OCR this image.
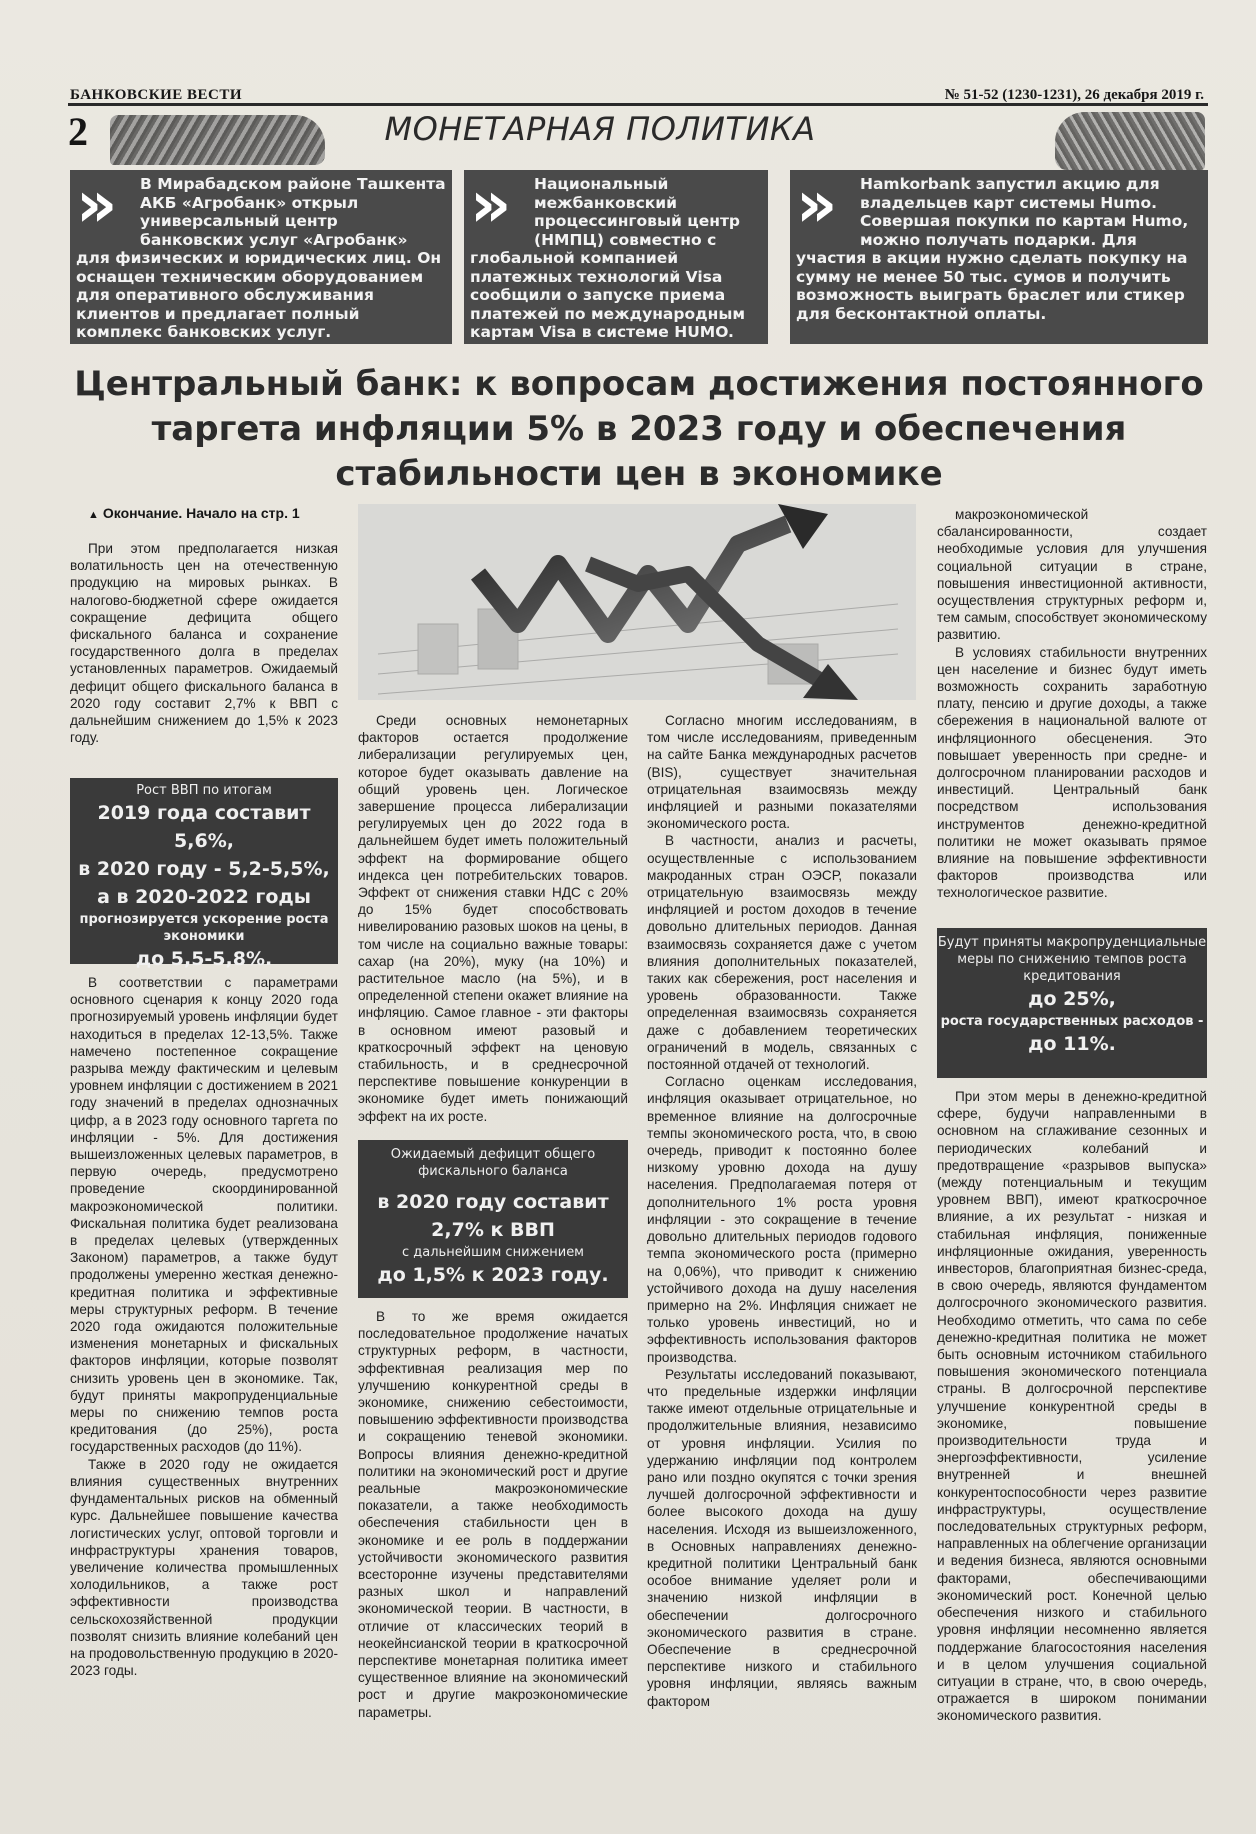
БАНКОВСКИЕ ВЕСТИ	№ 51-52 (1230-1231), 26 декабря 2019 г.
2	МОНЕТАРНАЯ ПОЛИТИКА
»	В Мирабадском районе Ташкента АКБ «Агробанк» открыл универсальный центр банковских услуг «Агробанк» для физических и юридических лиц. Он оснащен техническим оборудованием для оперативного обслуживания клиентов и предлагает полный комплекс банковских услуг.
»	Национальный межбанковский процессинговый центр (НМПЦ) совместно с глобальной компанией платежных технологий Visa сообщили о запуске приема платежей по международным картам Visa в системе HUMO.
»	Hamkorbank запустил акцию для владельцев карт системы Humo. Совершая покупки по картам Humo, можно получать подарки. Для участия в акции нужно сделать покупку на сумму не менее 50 тыс. сумов и получить возможность выиграть браслет или стикер для бесконтактной оплаты.
Центральный банк: к вопросам достижения постоянного таргета инфляции 5% в 2023 году и обеспечения стабильности цен в экономике
▲ Окончание. Начало на стр. 1

При этом предполагается низкая волатильность цен на отечественную продукцию на мировых рынках. В налогово-бюджетной сфере ожидается сокращение дефицита общего фискального баланса и сохранение государственного долга в пределах установленных параметров. Ожидаемый дефицит общего фискального баланса в 2020 году составит 2,7% к ВВП с дальнейшим снижением до 1,5% к 2023 году.

Рост ВВП по итогам
2019 года составит 5,6%,
в 2020 году - 5,2-5,5%,
а в 2020-2022 годы
прогнозируется ускорение роста экономики
до 5,5-5,8%.

В соответствии с параметрами основного сценария к концу 2020 года прогнозируемый уровень инфляции будет находиться в пределах 12-13,5%. Также намечено постепенное сокращение разрыва между фактическим и целевым уровнем инфляции с достижением в 2021 году значений в пределах однозначных цифр, а в 2023 году основного таргета по инфляции - 5%. Для достижения вышеизложенных целевых параметров, в первую очередь, предусмотрено проведение скоординированной макроэкономической политики. Фискальная политика будет реализована в пределах целевых (утвержденных Законом) параметров, а также будут продолжены умеренно жесткая денежно-кредитная политика и эффективные меры структурных реформ. В течение 2020 года ожидаются положительные изменения монетарных и фискальных факторов инфляции, которые позволят снизить уровень цен в экономике. Так, будут приняты макропруденциальные меры по снижению темпов роста кредитования (до 25%), роста государственных расходов (до 11%).

Также в 2020 году не ожидается влияния существенных внутренних фундаментальных рисков на обменный курс. Дальнейшее повышение качества логистических услуг, оптовой торговли и инфраструктуры хранения товаров, увеличение количества промышленных холодильников, а также рост эффективности производства сельскохозяйственной продукции позволят снизить влияние колебаний цен на продовольственную продукцию в 2020-2023 годы.

Среди основных немонетарных факторов остается продолжение либерализации регулируемых цен, которое будет оказывать давление на общий уровень цен. Логическое завершение процесса либерализации регулируемых цен до 2022 года в дальнейшем будет иметь положительный эффект на формирование общего индекса цен потребительских товаров. Эффект от снижения ставки НДС с 20% до 15% будет способствовать нивелированию разовых шоков на цены, в том числе на социально важные товары: сахар (на 20%), муку (на 10%) и растительное масло (на 5%), и в определенной степени окажет влияние на инфляцию. Самое главное - эти факторы в основном имеют разовый и краткосрочный эффект на ценовую стабильность, и в среднесрочной перспективе повышение конкуренции в экономике будет иметь понижающий эффект на их росте.

Ожидаемый дефицит общего фискального баланса
в 2020 году составит
2,7% к ВВП
с дальнейшим снижением
до 1,5% к 2023 году.

В то же время ожидается последовательное продолжение начатых структурных реформ, в частности, эффективная реализация мер по улучшению конкурентной среды в экономике, снижению себестоимости, повышению эффективности производства и сокращению теневой экономики. Вопросы влияния денежно-кредитной политики на экономический рост и другие реальные макроэкономические показатели, а также необходимость обеспечения стабильности цен в экономике и ее роль в поддержании устойчивости экономического развития всесторонне изучены представителями разных школ и направлений экономической теории. В частности, в отличие от классических теорий в неокейнсианской теории в краткосрочной перспективе монетарная политика имеет существенное влияние на экономический рост и другие макроэкономические параметры.

Согласно многим исследованиям, в том числе исследованиям, приведенным на сайте Банка международных расчетов (BIS), существует значительная отрицательная взаимосвязь между инфляцией и разными показателями экономического роста.

В частности, анализ и расчеты, осуществленные с использованием макроданных стран ОЭСР, показали отрицательную взаимосвязь между инфляцией и ростом доходов в течение довольно длительных периодов. Данная взаимосвязь сохраняется даже с учетом влияния дополнительных показателей, таких как сбережения, рост населения и уровень образованности. Также определенная взаимосвязь сохраняется даже с добавлением теоретических ограничений в модель, связанных с постоянной отдачей от технологий.

Согласно оценкам исследования, инфляция оказывает отрицательное, но временное влияние на долгосрочные темпы экономического роста, что, в свою очередь, приводит к постоянно более низкому уровню дохода на душу населения. Предполагаемая потеря от дополнительного 1% роста уровня инфляции - это сокращение в течение довольно длительных периодов годового темпа экономического роста (примерно на 0,06%), что приводит к снижению устойчивого дохода на душу населения примерно на 2%. Инфляция снижает не только уровень инвестиций, но и эффективность использования факторов производства.

Результаты исследований показывают, что предельные издержки инфляции также имеют отдельные отрицательные и продолжительные влияния, независимо от уровня инфляции. Усилия по удержанию инфляции под контролем рано или поздно окупятся с точки зрения лучшей долгосрочной эффективности и более высокого дохода на душу населения. Исходя из вышеизложенного, в Основных направлениях денежно-кредитной политики Центральный банк особое внимание уделяет роли и значению низкой инфляции в обеспечении долгосрочного экономического развития в стране. Обеспечение в среднесрочной перспективе низкого и стабильного уровня инфляции, являясь важным фактором

макроэкономической сбалансированности, создает необходимые условия для улучшения социальной ситуации в стране, повышения инвестиционной активности, осуществления структурных реформ и, тем самым, способствует экономическому развитию.

В условиях стабильности внутренних цен население и бизнес будут иметь возможность сохранить заработную плату, пенсию и другие доходы, а также сбережения в национальной валюте от инфляционного обесценения. Это повышает уверенность при средне- и долгосрочном планировании расходов и инвестиций. Центральный банк посредством использования инструментов денежно-кредитной политики не может оказывать прямое влияние на повышение эффективности факторов производства или технологическое развитие.

Будут приняты макропруденциальные меры по снижению темпов роста кредитования
до 25%,
роста государственных расходов -
до 11%.

При этом меры в денежно-кредитной сфере, будучи направленными в основном на сглаживание сезонных и периодических колебаний и предотвращение «разрывов выпуска» (между потенциальным и текущим уровнем ВВП), имеют краткосрочное влияние, а их результат - низкая и стабильная инфляция, пониженные инфляционные ожидания, уверенность инвесторов, благоприятная бизнес-среда, в свою очередь, являются фундаментом долгосрочного экономического развития. Необходимо отметить, что сама по себе денежно-кредитная политика не может быть основным источником стабильного повышения экономического потенциала страны. В долгосрочной перспективе улучшение конкурентной среды в экономике, повышение производительности труда и энергоэффективности, усиление внутренней и внешней конкурентоспособности через развитие инфраструктуры, осуществление последовательных структурных реформ, направленных на облегчение организации и ведения бизнеса, являются основными факторами, обеспечивающими экономический рост. Конечной целью обеспечения низкого и стабильного уровня инфляции несомненно является поддержание благосостояния населения и в целом улучшения социальной ситуации в стране, что, в свою очередь, отражается в широком понимании экономического развития.
